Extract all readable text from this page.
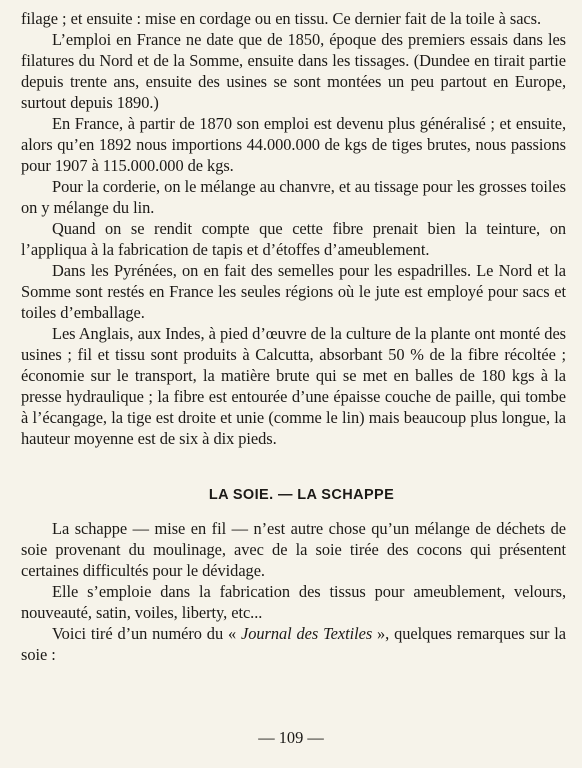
filage ; et ensuite : mise en cordage ou en tissu. Ce dernier fait de la toile à sacs.

L’emploi en France ne date que de 1850, époque des premiers essais dans les filatures du Nord et de la Somme, ensuite dans les tissages. (Dundee en tirait partie depuis trente ans, ensuite des usines se sont montées un peu partout en Europe, surtout depuis 1890.)

En France, à partir de 1870 son emploi est devenu plus généralisé ; et ensuite, alors qu’en 1892 nous importions 44.000.000 de kgs de tiges brutes, nous passions pour 1907 à 115.000.000 de kgs.

Pour la corderie, on le mélange au chanvre, et au tissage pour les grosses toiles on y mélange du lin.

Quand on se rendit compte que cette fibre prenait bien la teinture, on l’appliqua à la fabrication de tapis et d’étoffes d’ameublement.

Dans les Pyrénées, on en fait des semelles pour les espadrilles. Le Nord et la Somme sont restés en France les seules régions où le jute est employé pour sacs et toiles d’emballage.

Les Anglais, aux Indes, à pied d’œuvre de la culture de la plante ont monté des usines ; fil et tissu sont produits à Calcutta, absorbant 50 % de la fibre récoltée ; économie sur le transport, la matière brute qui se met en balles de 180 kgs à la presse hydraulique ; la fibre est entourée d’une épaisse couche de paille, qui tombe à l’écangage, la tige est droite et unie (comme le lin) mais beaucoup plus longue, la hauteur moyenne est de six à dix pieds.

LA SOIE. — LA SCHAPPE

La schappe — mise en fil — n’est autre chose qu’un mélange de déchets de soie provenant du moulinage, avec de la soie tirée des cocons qui présentent certaines difficultés pour le dévidage.

Elle s’emploie dans la fabrication des tissus pour ameublement, velours, nouveauté, satin, voiles, liberty, etc...

Voici tiré d’un numéro du « Journal des Textiles », quelques remarques sur la soie :

— 109 —
